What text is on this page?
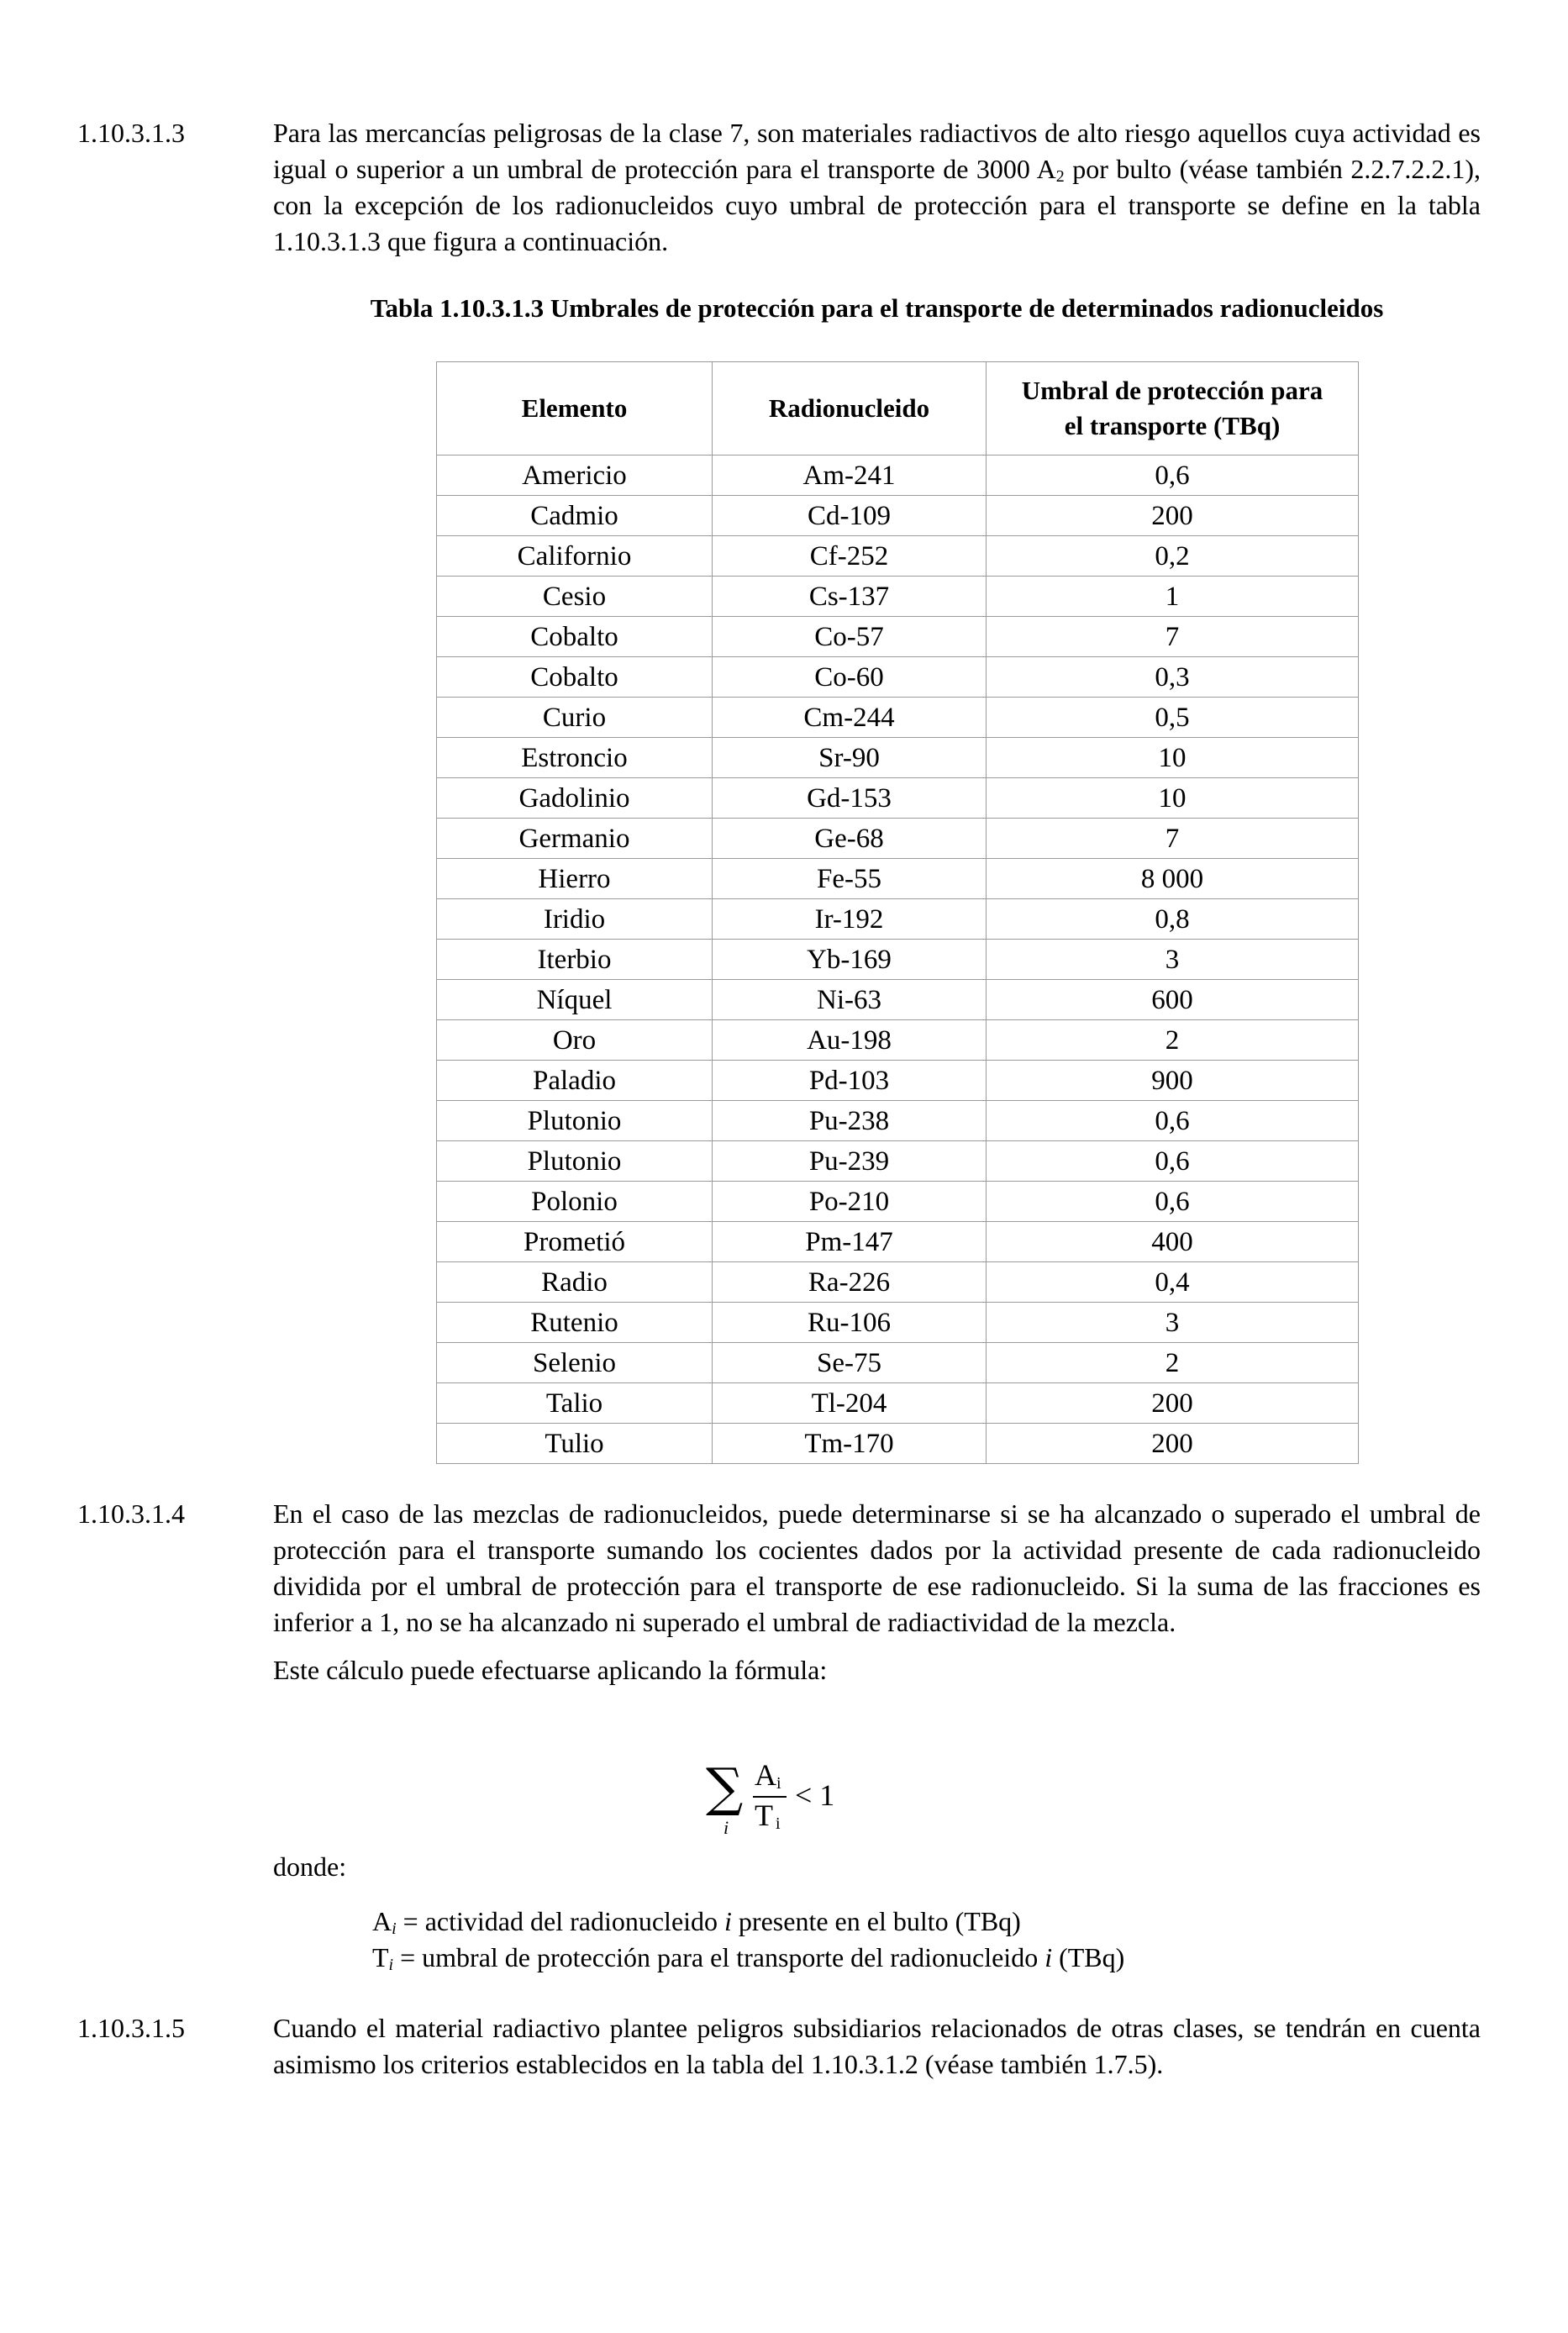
1.10.3.1.3	Para las mercancías peligrosas de la clase 7, son materiales radiactivos de alto riesgo aquellos cuya actividad es igual o superior a un umbral de protección para el transporte de 3000 $A_2$ por bulto (véase también 2.2.7.2.2.1), con la excepción de los radionucleidos cuyo umbral de protección para el transporte se define en la tabla 1.10.3.1.3 que figura a continuación.

Tabla 1.10.3.1.3 Umbrales de protección para el transporte de determinados radionucleidos
Elemento	Radionucleido	Umbral de protección para el transporte (TBq)
Americio	Am-241	0,6
Cadmio	Cd-109	200
Californio	Cf-252	0,2
Cesio	Cs-137	1
Cobalto	Co-57	7
Cobalto	Co-60	0,3
Curio	Cm-244	0,5
Estroncio	Sr-90	10
Gadolinio	Gd-153	10
Germanio	Ge-68	7
Hierro	Fe-55	8 000
Iridio	Ir-192	0,8
Iterbio	Yb-169	3
Níquel	Ni-63	600
Oro	Au-198	2
Paladio	Pd-103	900
Plutonio	Pu-238	0,6
Plutonio	Pu-239	0,6
Polonio	Po-210	0,6
Prometió	Pm-147	400
Radio	Ra-226	0,4
Rutenio	Ru-106	3
Selenio	Se-75	2
Talio	Tl-204	200
Tulio	Tm-170	200
1.10.3.1.4	En el caso de las mezclas de radionucleidos, puede determinarse si se ha alcanzado o superado el umbral de protección para el transporte sumando los cocientes dados por la actividad presente de cada radionucleido dividida por el umbral de protección para el transporte de ese radionucleido. Si la suma de las fracciones es inferior a 1, no se ha alcanzado ni superado el umbral de radiactividad de la mezcla.

Este cálculo puede efectuarse aplicando la fórmula:

∑
i
A i
T i
< 1

donde:

$A_i$ = actividad del radionucleido i presente en el bulto (TBq)

$T_i$ = umbral de protección para el transporte del radionucleido i (TBq)

1.10.3.1.5	Cuando el material radiactivo plantee peligros subsidiarios relacionados de otras clases, se tendrán en cuenta asimismo los criterios establecidos en la tabla del 1.10.3.1.2 (véase también 1.7.5).
